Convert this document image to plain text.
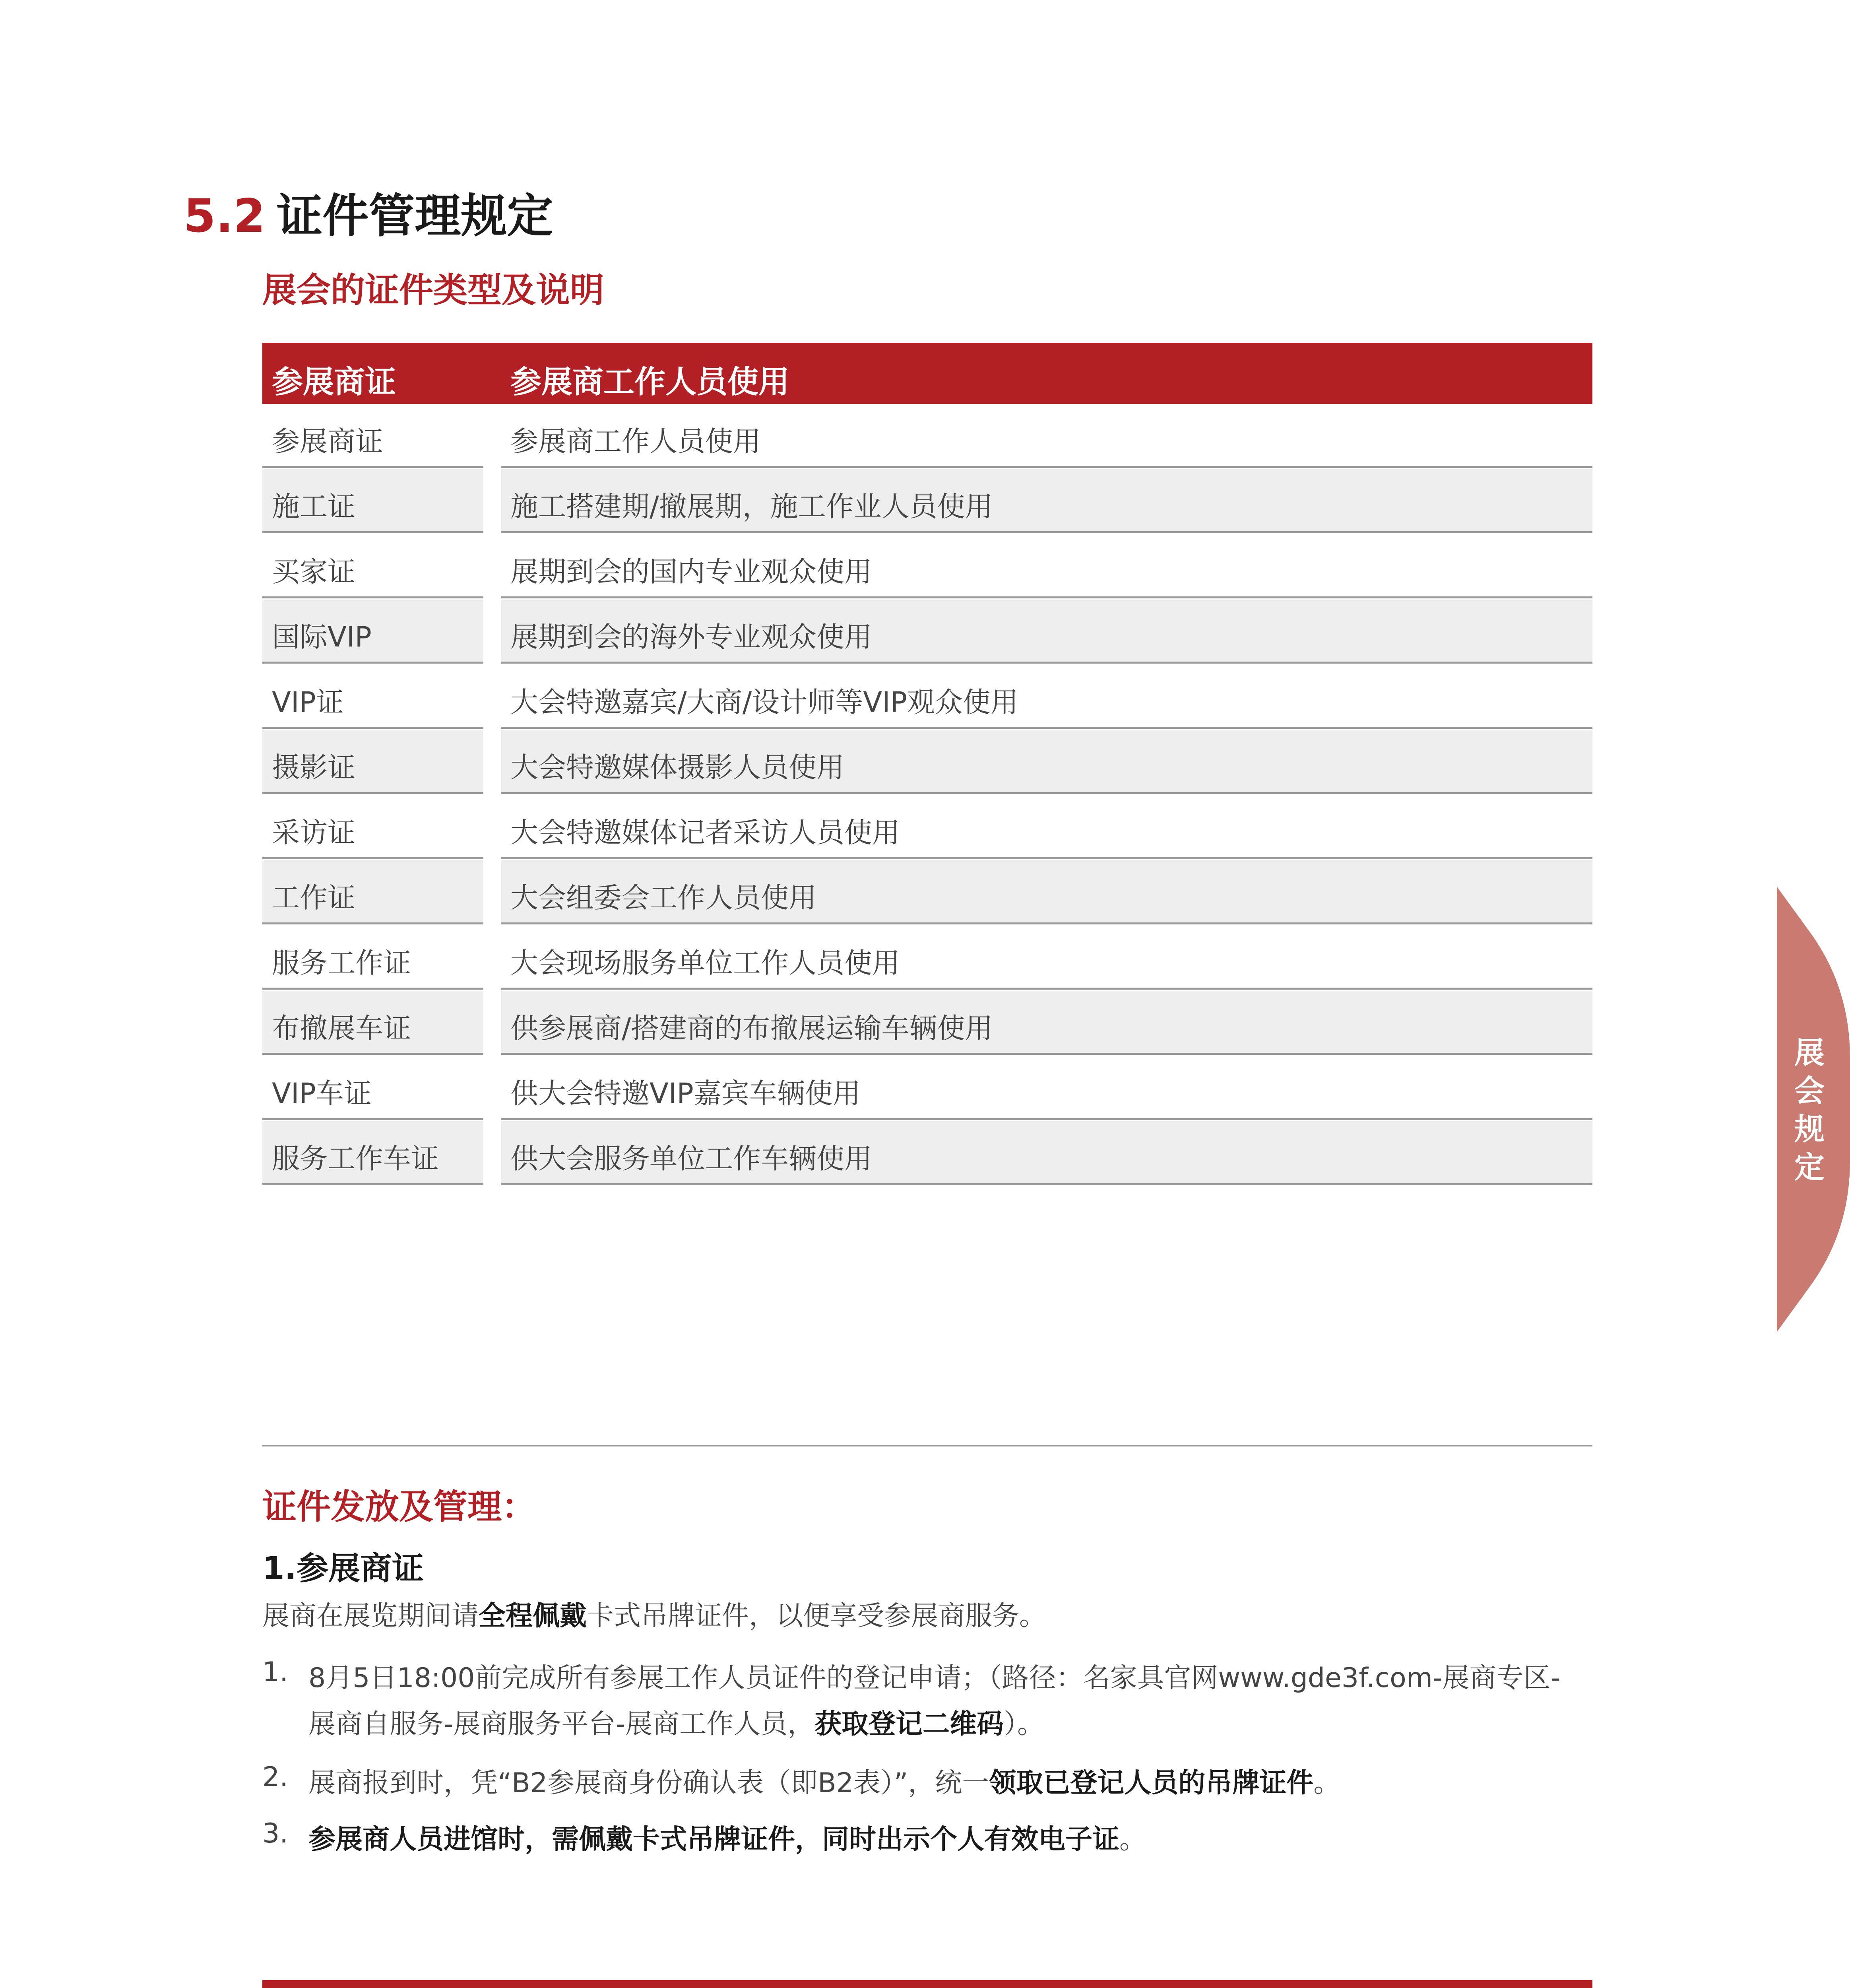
5.2 证件管理规定
展会的证件类型及说明
参展商证	参展商工作人员使用
参展商证	参展商工作人员使用
施工证	施工搭建期/撤展期，施工作业人员使用
买家证	展期到会的国内专业观众使用
国际VIP	展期到会的海外专业观众使用
VIP证	大会特邀嘉宾/大商/设计师等VIP观众使用
摄影证	大会特邀媒体摄影人员使用
采访证	大会特邀媒体记者采访人员使用
工作证	大会组委会工作人员使用
服务工作证	大会现场服务单位工作人员使用
布撤展车证	供参展商/搭建商的布撤展运输车辆使用
VIP车证	供大会特邀VIP嘉宾车辆使用
服务工作车证	供大会服务单位工作车辆使用
证件发放及管理：
1.参展商证
展商在展览期间请全程佩戴卡式吊牌证件，以便享受参展商服务。
1. 8月5日18:00前完成所有参展工作人员证件的登记申请；（路径：名家具官网www.gde3f.com-展商专区-
展商自服务-展商服务平台-展商工作人员，获取登记二维码）。
2. 展商报到时，凭“B2参展商身份确认表（即B2表）”，统一领取已登记人员的吊牌证件。
3. 参展商人员进馆时，需佩戴卡式吊牌证件，同时出示个人有效电子证。
展会规定
